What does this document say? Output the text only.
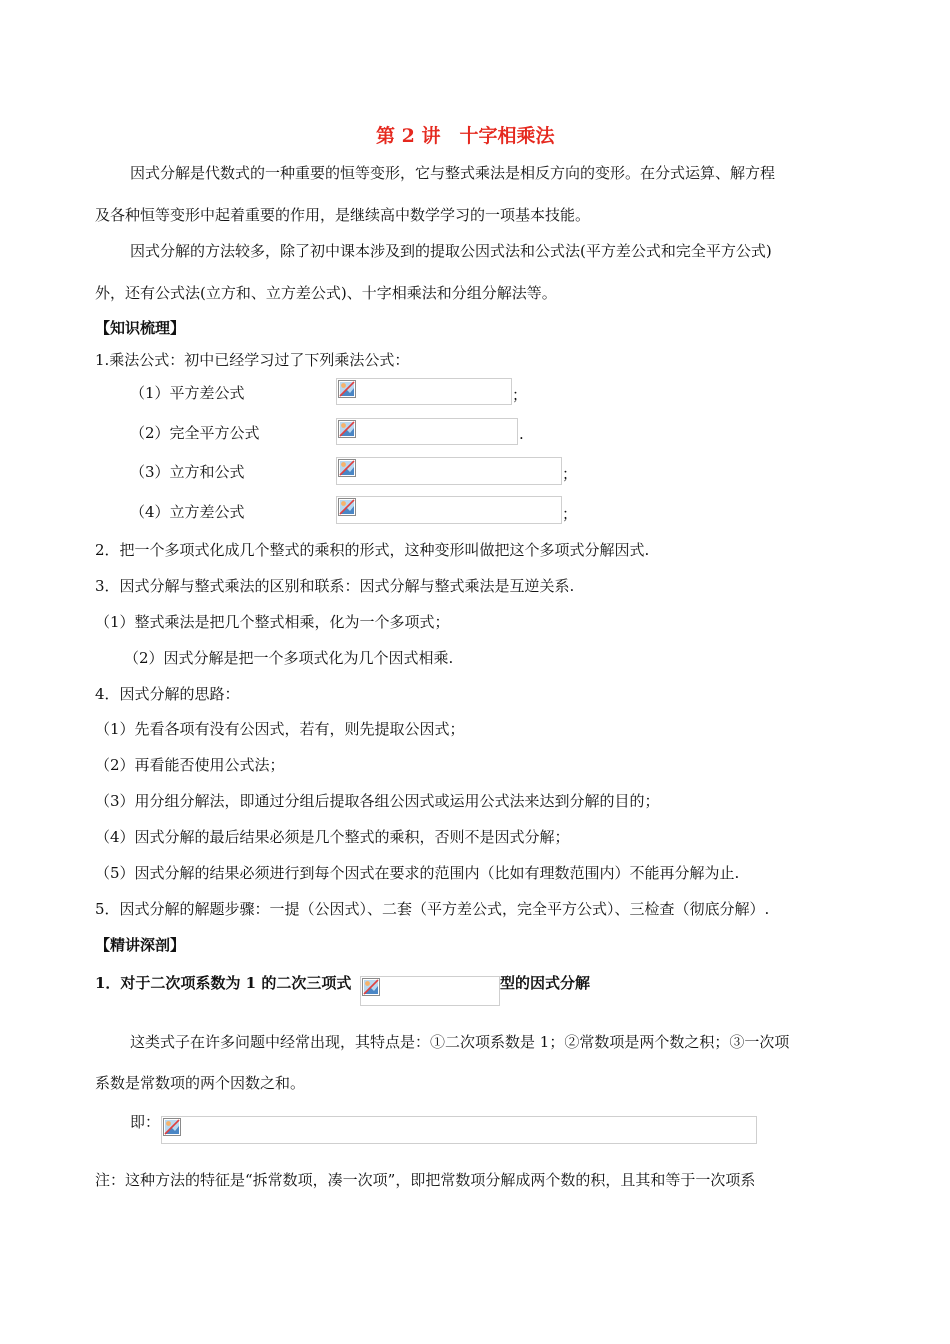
第 2 讲　十字相乘法
因式分解是代数式的一种重要的恒等变形，它与整式乘法是相反方向的变形。在分式运算、解方程
及各种恒等变形中起着重要的作用，是继续高中数学学习的一项基本技能。
因式分解的方法较多，除了初中课本涉及到的提取公因式法和公式法(平方差公式和完全平方公式)
外，还有公式法(立方和、立方差公式)、十字相乘法和分组分解法等。
【知识梳理】
1.乘法公式：初中已经学习过了下列乘法公式：
（1）平方差公式	；
（2）完全平方公式	.
（3）立方和公式	；
（4）立方差公式	；
2．把一个多项式化成几个整式的乘积的形式，这种变形叫做把这个多项式分解因式.
3．因式分解与整式乘法的区别和联系：因式分解与整式乘法是互逆关系.
（1）整式乘法是把几个整式相乘，化为一个多项式；
（2）因式分解是把一个多项式化为几个因式相乘.
4．因式分解的思路：
（1）先看各项有没有公因式，若有，则先提取公因式；
（2）再看能否使用公式法；
（3）用分组分解法，即通过分组后提取各组公因式或运用公式法来达到分解的目的；
（4）因式分解的最后结果必须是几个整式的乘积，否则不是因式分解；
（5）因式分解的结果必须进行到每个因式在要求的范围内（比如有理数范围内）不能再分解为止.
5．因式分解的解题步骤：一提（公因式）、二套（平方差公式，完全平方公式）、三检查（彻底分解）.
【精讲深剖】
1．对于二次项系数为 1 的二次三项式	型的因式分解
这类式子在许多问题中经常出现，其特点是：①二次项系数是 1；②常数项是两个数之积；③一次项
系数是常数项的两个因数之和。
即：
注：这种方法的特征是“拆常数项，凑一次项”，即把常数项分解成两个数的积，且其和等于一次项系
